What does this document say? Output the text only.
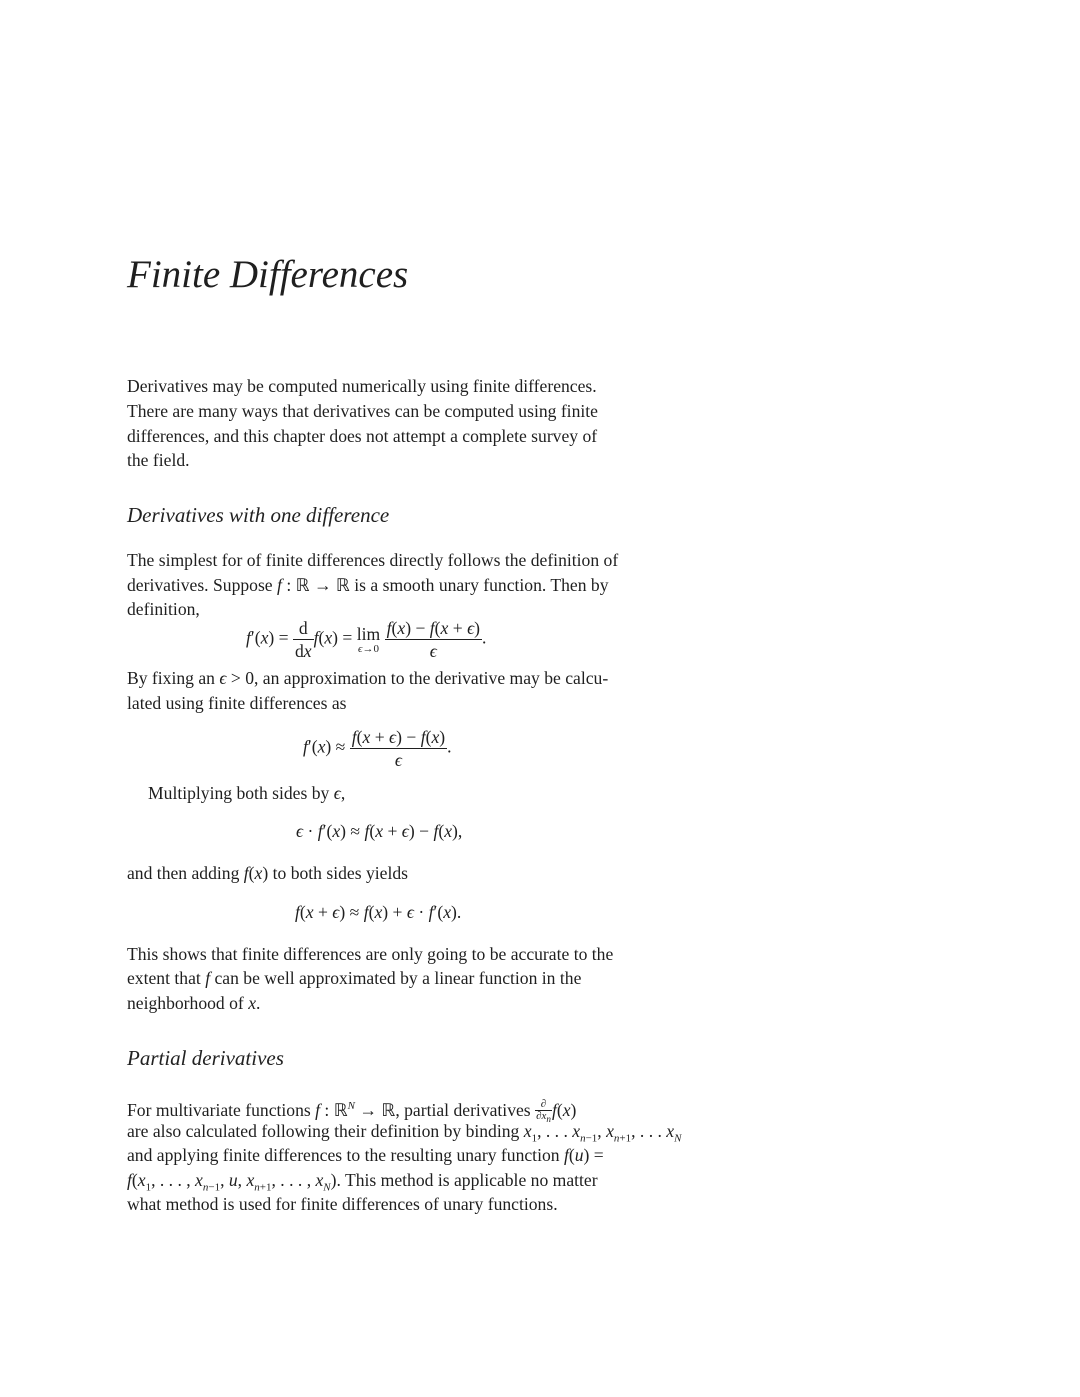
Finite Differences
Derivatives may be computed numerically using finite differences.
There are many ways that derivatives can be computed using finite
differences, and this chapter does not attempt a complete survey of
the field.
Derivatives with one difference
The simplest for of finite differences directly follows the definition of
derivatives. Suppose f : ℝ → ℝ is a smooth unary function. Then by
definition,
$f'(x) = \frac{d}{dx} f(x) = \lim$
ϵ→0
$\frac{f(x) - f(x + \epsilon)}{\epsilon}$ .
By fixing an ϵ > 0, an approximation to the derivative may be calcu-
lated using finite differences as
$f'(x) \approx \frac{f(x + \epsilon) - f(x)}{\epsilon}$ .
Multiplying both sides by ϵ,
ϵ · f′(x) ≈ f(x + ϵ) − f(x),
and then adding f(x) to both sides yields
f(x + ϵ) ≈ f(x) + ϵ · f′(x).
This shows that finite differences are only going to be accurate to the
extent that f can be well approximated by a linear function in the
neighborhood of x.
Partial derivatives
For multivariate functions f : ℝ$^N$ → ℝ, partial derivatives $\frac{\partial}{\partial x_n} f(x)$
are also calculated following their definition by binding $x_1$, . . . $x_{n-1}$, $x_{n+1}$, . . . $x_N$
and applying finite differences to the resulting unary function f(u) =
$f(x_1$, . . . , $x_{n-1}$, u, $x_{n+1}$, . . . , $x_N$). This method is applicable no matter
what method is used for finite differences of unary functions.
